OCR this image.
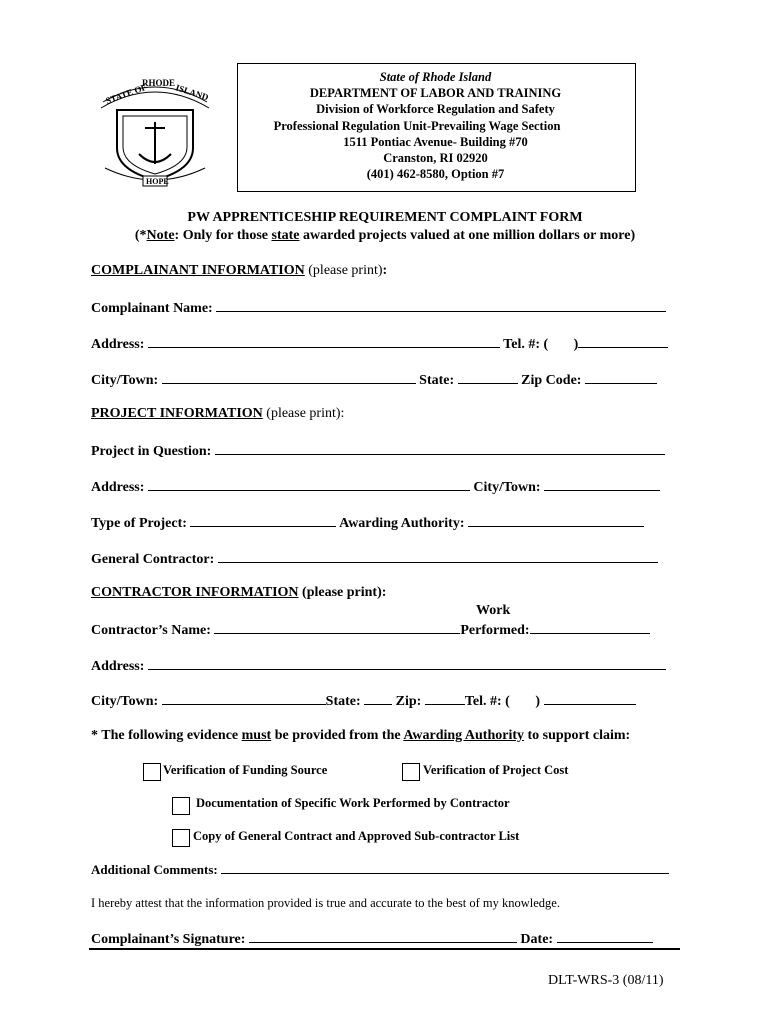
STATE OF
RHODE ISLAND
HOPE
State of Rhode Island
DEPARTMENT OF LABOR AND TRAINING
Division of Workforce Regulation and Safety
Professional Regulation Unit-Prevailing Wage Section
1511 Pontiac Avenue- Building #70
Cranston, RI 02920
(401) 462-8580, Option #7
PW APPRENTICESHIP REQUIREMENT COMPLAINT FORM
(*Note: Only for those state awarded projects valued at one million dollars or more)
COMPLAINANT INFORMATION (please print):
Complainant Name:
Address:	Tel. #: ( )
City/Town:	State:	Zip Code:
PROJECT INFORMATION (please print):
Project in Question:
Address:	City/Town:
Type of Project:	Awarding Authority:
General Contractor:
CONTRACTOR INFORMATION (please print):
Work
Contractor’s Name:	Performed:
Address:
City/Town:	State:	Zip:	Tel. #: ( )
* The following evidence must be provided from the Awarding Authority to support claim:
Verification of Funding Source	Verification of Project Cost
Documentation of Specific Work Performed by Contractor
Copy of General Contract and Approved Sub-contractor List
Additional Comments:
I hereby attest that the information provided is true and accurate to the best of my knowledge.
Complainant’s Signature:	Date:
DLT-WRS-3 (08/11)
